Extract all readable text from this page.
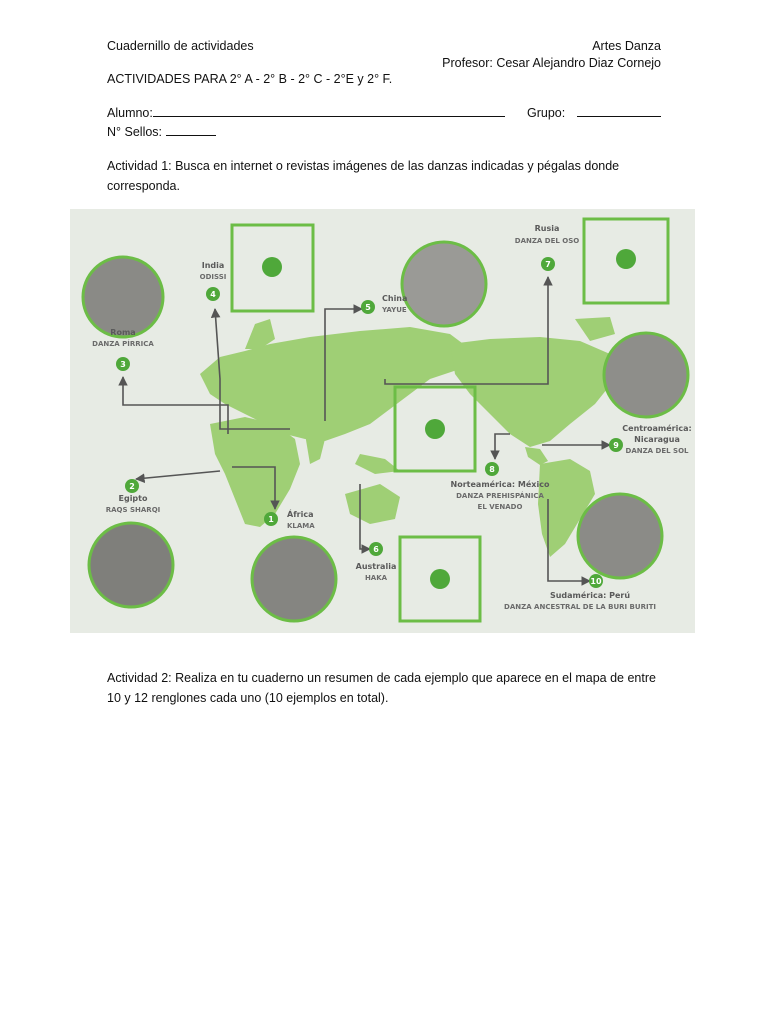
Cuadernillo de actividades	Artes Danza
Profesor: Cesar Alejandro Diaz Cornejo
ACTIVIDADES PARA 2° A - 2° B - 2° C - 2°E y 2° F.
Alumno:	Grupo:
N° Sellos:
Actividad 1: Busca en internet o revistas imágenes de las danzas indicadas y pégalas donde corresponda.
3
2
1
4
5
6
7
8
9
10
Roma
DANZA PÍRRICA
Egipto
RAQS SHARQI	África
KLAMA
India
ODISSI
China
YAYUE
Australia
HAKA
Rusia
DANZA DEL OSO
Norteamérica: México
DANZA PREHISPÁNICA
EL VENADO
Centroamérica:
Nicaragua
DANZA DEL SOL
Sudamérica: Perú
DANZA ANCESTRAL DE LA BURI BURITI
Actividad 2: Realiza en tu cuaderno un resumen de cada ejemplo que aparece en el mapa de entre 10 y 12 renglones cada uno (10 ejemplos en total).
